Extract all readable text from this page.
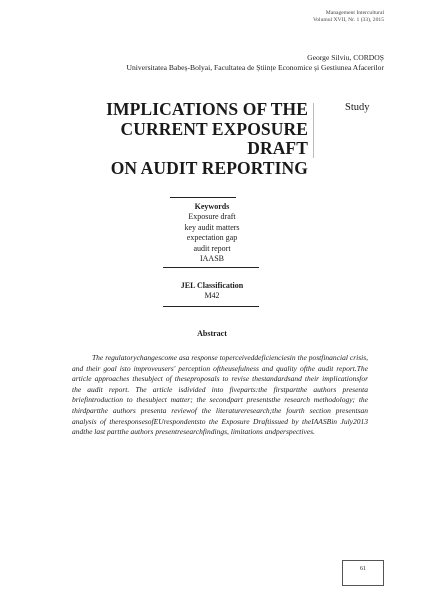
Management Intercultural
Volumul XVII, Nr. 1 (33), 2015
George Silviu, CORDOȘ
Universitatea Babeș-Bolyai, Facultatea de Științe Economice și Gestiunea Afacerilor
IMPLICATIONS OF THE
CURRENT EXPOSURE DRAFT
ON AUDIT REPORTING
Study
Keywords
Exposure draft
key audit matters
expectation gap
audit report
IAASB
JEL Classification
M42
Abstract
The regulatorychangescome asa response toperceiveddeficienciesin the postfinancial crisis, and their goal isto improveusers' perception oftheusefulness and quality ofthe audit report.The article approaches thesubject of theseproposals to revise thestandardsand their implicationsfor the audit report. The article isdivided into fiveparts:the firstpartthe authors presenta briefintroduction to thesubject matter; the secondpart presentsthe research methodology; the thirdpartthe authors presenta reviewof the literatureresearch;the fourth section presentsan analysis of theresponsesofEUrespondentsto the Exposure Draftissued by theIAASBin July2013 andthe last partthe authors presentresearchfindings, limitations andperspectives.
61
